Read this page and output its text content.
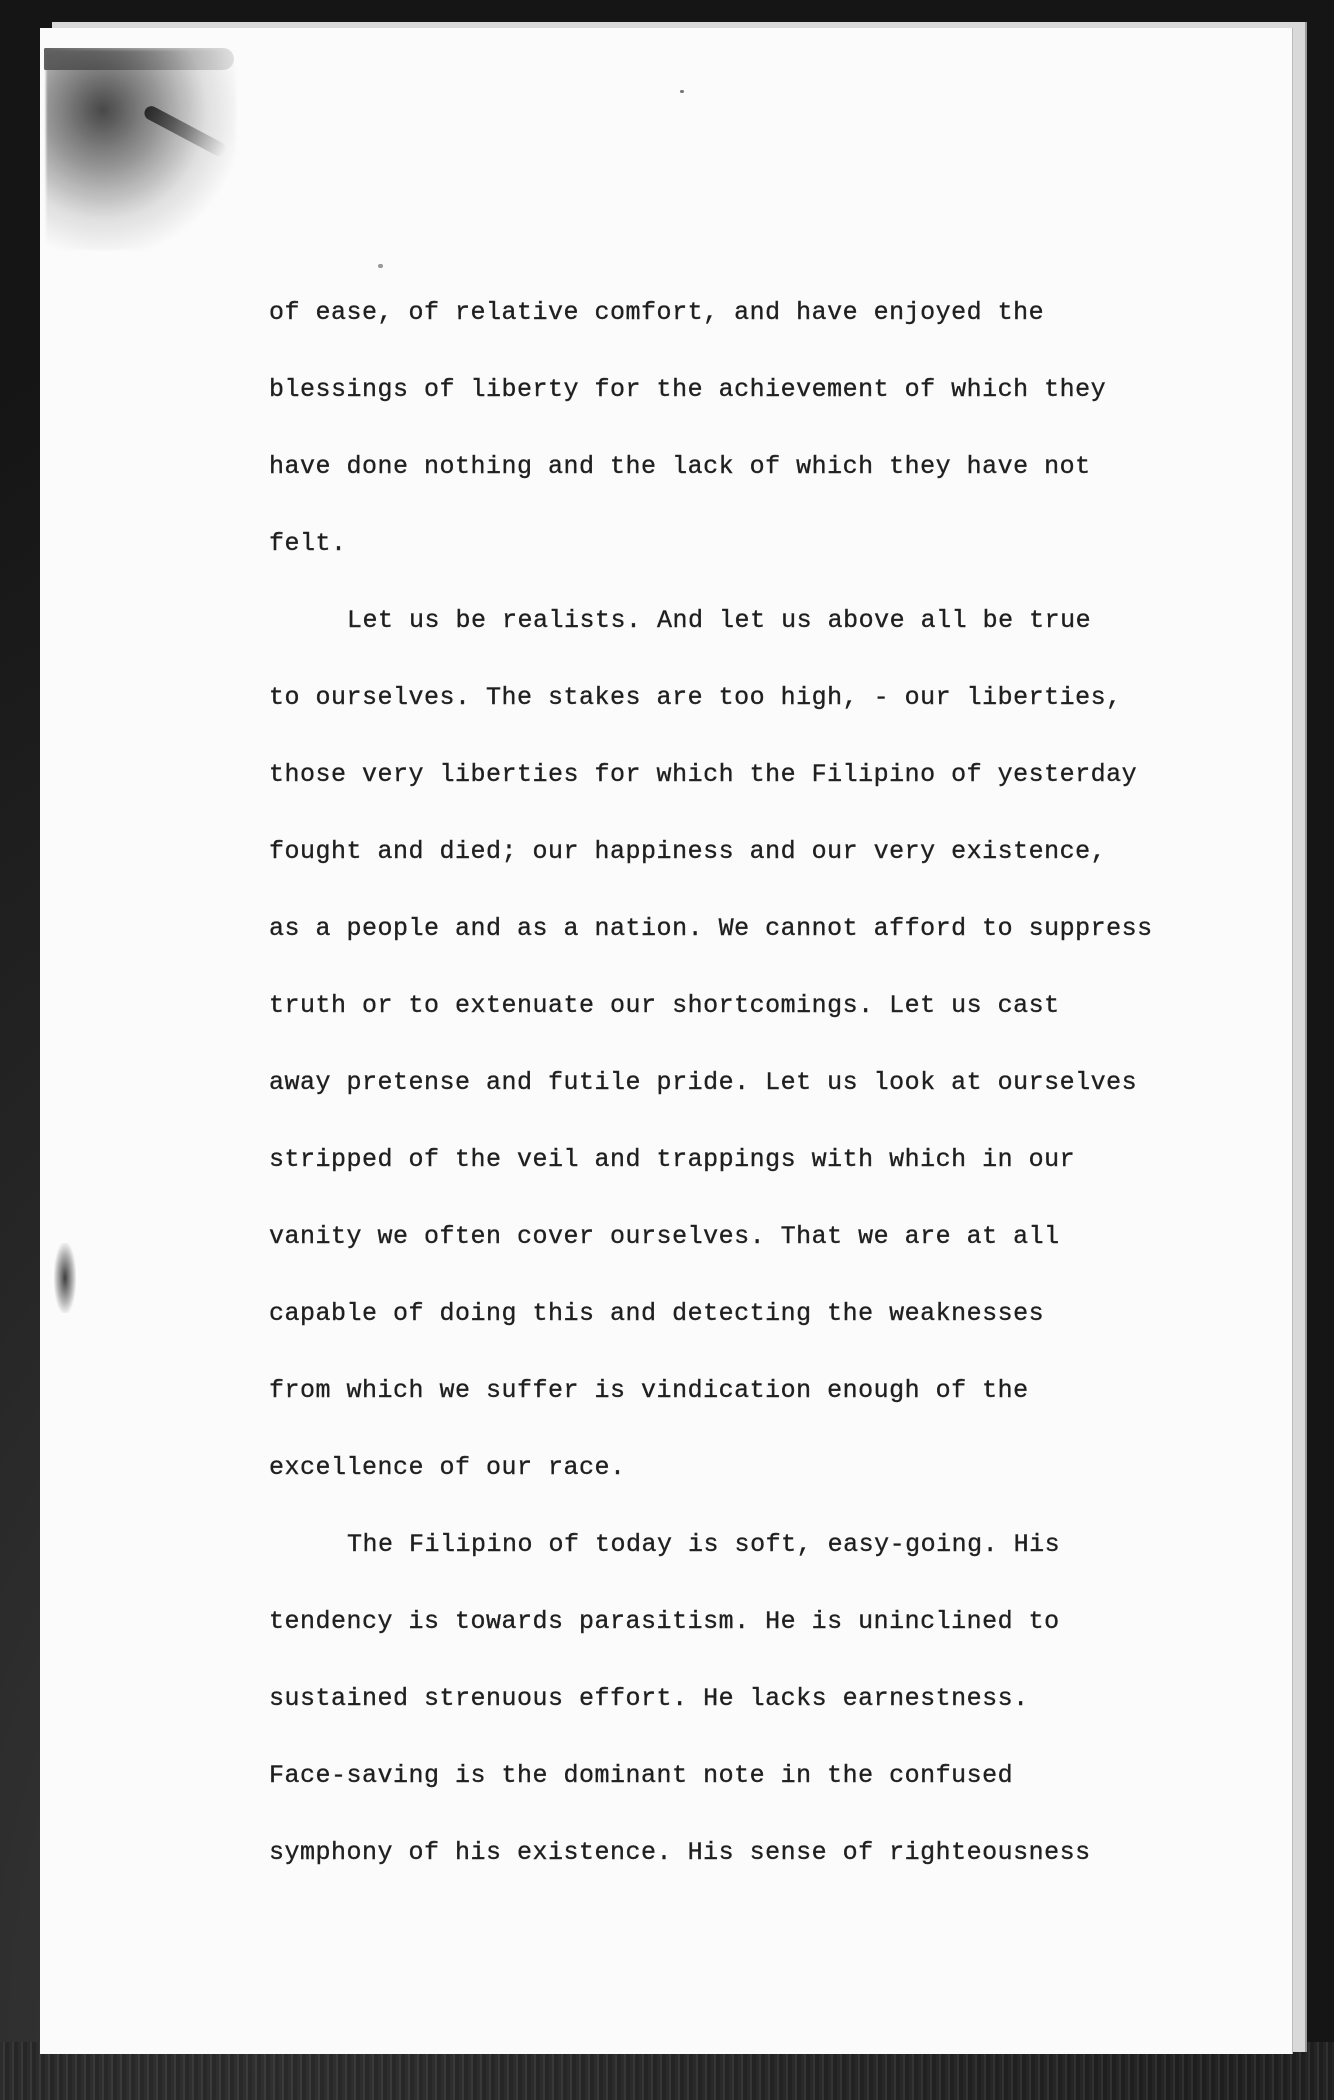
of ease, of relative comfort, and have enjoyed the
blessings of liberty for the achievement of which they
have done nothing and the lack of which they have not
felt.
Let us be realists. And let us above all be true
to ourselves. The stakes are too high, - our liberties,
those very liberties for which the Filipino of yesterday
fought and died; our happiness and our very existence,
as a people and as a nation. We cannot afford to suppress
truth or to extenuate our shortcomings. Let us cast
away pretense and futile pride. Let us look at ourselves
stripped of the veil and trappings with which in our
vanity we often cover ourselves. That we are at all
capable of doing this and detecting the weaknesses
from which we suffer is vindication enough of the
excellence of our race.
The Filipino of today is soft, easy-going. His
tendency is towards parasitism. He is uninclined to
sustained strenuous effort. He lacks earnestness.
Face-saving is the dominant note in the confused
symphony of his existence. His sense of righteousness
